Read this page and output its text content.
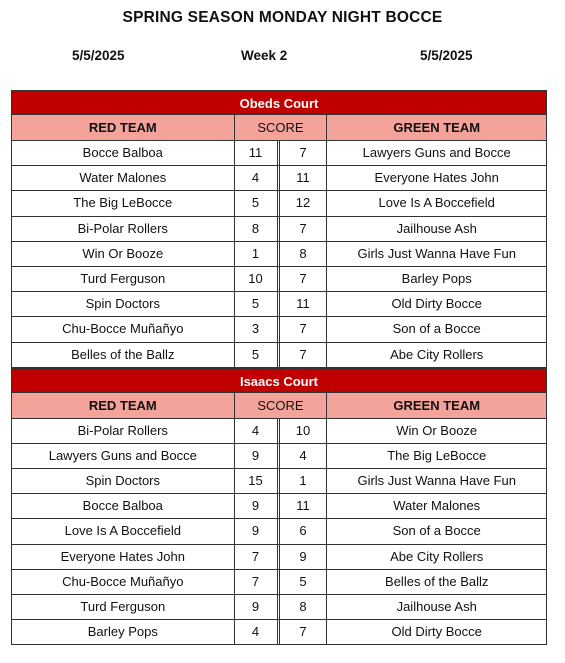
SPRING SEASON MONDAY NIGHT BOCCE
5/5/2025	Week 2	5/5/2025
Obeds Court
RED TEAM	SCORE	GREEN TEAM
Bocce Balboa	11	7	Lawyers Guns and Bocce
Water Malones	4	11	Everyone Hates John
The Big LeBocce	5	12	Love Is A Boccefield
Bi-Polar Rollers	8	7	Jailhouse Ash
Win Or Booze	1	8	Girls Just Wanna Have Fun
Turd Ferguson	10	7	Barley Pops
Spin Doctors	5	11	Old Dirty Bocce
Chu-Bocce Muñañyo	3	7	Son of a Bocce
Belles of the Ballz	5	7	Abe City Rollers
Isaacs Court
RED TEAM	SCORE	GREEN TEAM
Bi-Polar Rollers	4	10	Win Or Booze
Lawyers Guns and Bocce	9	4	The Big LeBocce
Spin Doctors	15	1	Girls Just Wanna Have Fun
Bocce Balboa	9	11	Water Malones
Love Is A Boccefield	9	6	Son of a Bocce
Everyone Hates John	7	9	Abe City Rollers
Chu-Bocce Muñañyo	7	5	Belles of the Ballz
Turd Ferguson	9	8	Jailhouse Ash
Barley Pops	4	7	Old Dirty Bocce
